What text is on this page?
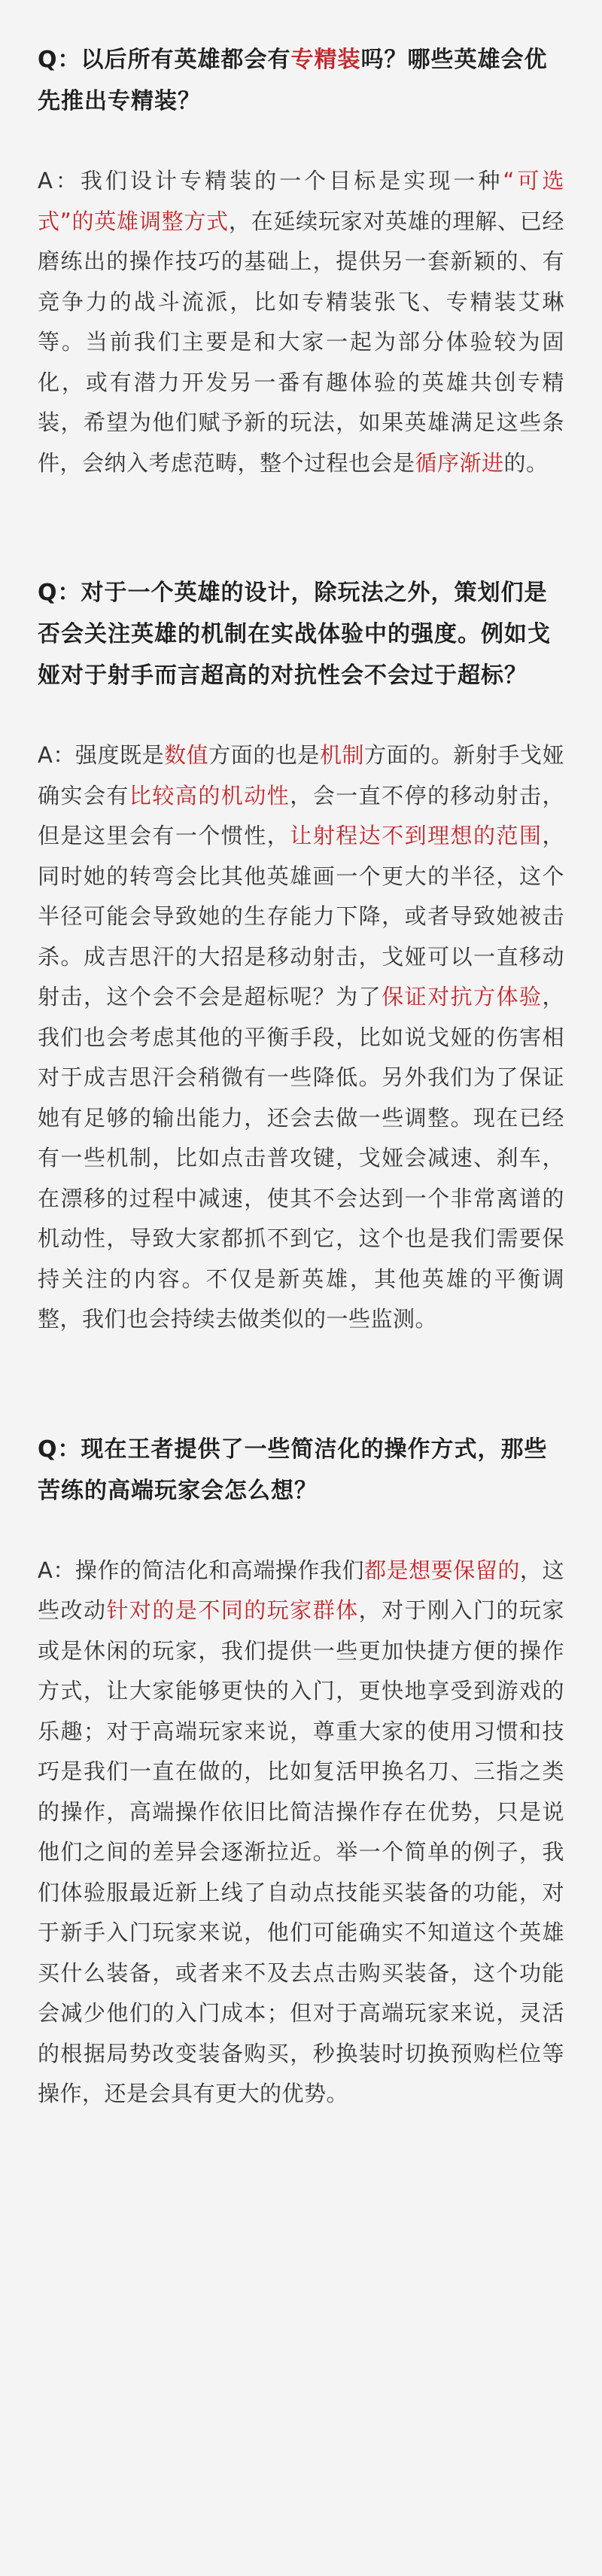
Q：以后所有英雄都会有专精装吗？哪些英雄会优先推出专精装？

A：我们设计专精装的一个目标是实现一种“可选式”的英雄调整方式，在延续玩家对英雄的理解、已经磨练出的操作技巧的基础上，提供另一套新颖的、有竞争力的战斗流派，比如专精装张飞、专精装艾琳等。当前我们主要是和大家一起为部分体验较为固化，或有潜力开发另一番有趣体验的英雄共创专精装，希望为他们赋予新的玩法，如果英雄满足这些条件，会纳入考虑范畴，整个过程也会是循序渐进的。

Q：对于一个英雄的设计，除玩法之外，策划们是否会关注英雄的机制在实战体验中的强度。例如戈娅对于射手而言超高的对抗性会不会过于超标？

A：强度既是数值方面的也是机制方面的。新射手戈娅确实会有比较高的机动性，会一直不停的移动射击，但是这里会有一个惯性，让射程达不到理想的范围，同时她的转弯会比其他英雄画一个更大的半径，这个半径可能会导致她的生存能力下降，或者导致她被击杀。成吉思汗的大招是移动射击，戈娅可以一直移动射击，这个会不会是超标呢？为了保证对抗方体验，我们也会考虑其他的平衡手段，比如说戈娅的伤害相对于成吉思汗会稍微有一些降低。另外我们为了保证她有足够的输出能力，还会去做一些调整。现在已经有一些机制，比如点击普攻键，戈娅会减速、刹车，在漂移的过程中减速，使其不会达到一个非常离谱的机动性，导致大家都抓不到它，这个也是我们需要保持关注的内容。不仅是新英雄，其他英雄的平衡调整，我们也会持续去做类似的一些监测。

Q：现在王者提供了一些简洁化的操作方式，那些苦练的高端玩家会怎么想？

A：操作的简洁化和高端操作我们都是想要保留的，这些改动针对的是不同的玩家群体，对于刚入门的玩家或是休闲的玩家，我们提供一些更加快捷方便的操作方式，让大家能够更快的入门，更快地享受到游戏的乐趣；对于高端玩家来说，尊重大家的使用习惯和技巧是我们一直在做的，比如复活甲换名刀、三指之类的操作，高端操作依旧比简洁操作存在优势，只是说他们之间的差异会逐渐拉近。举一个简单的例子，我们体验服最近新上线了自动点技能买装备的功能，对于新手入门玩家来说，他们可能确实不知道这个英雄买什么装备，或者来不及去点击购买装备，这个功能会减少他们的入门成本；但对于高端玩家来说，灵活的根据局势改变装备购买，秒换装时切换预购栏位等操作，还是会具有更大的优势。
